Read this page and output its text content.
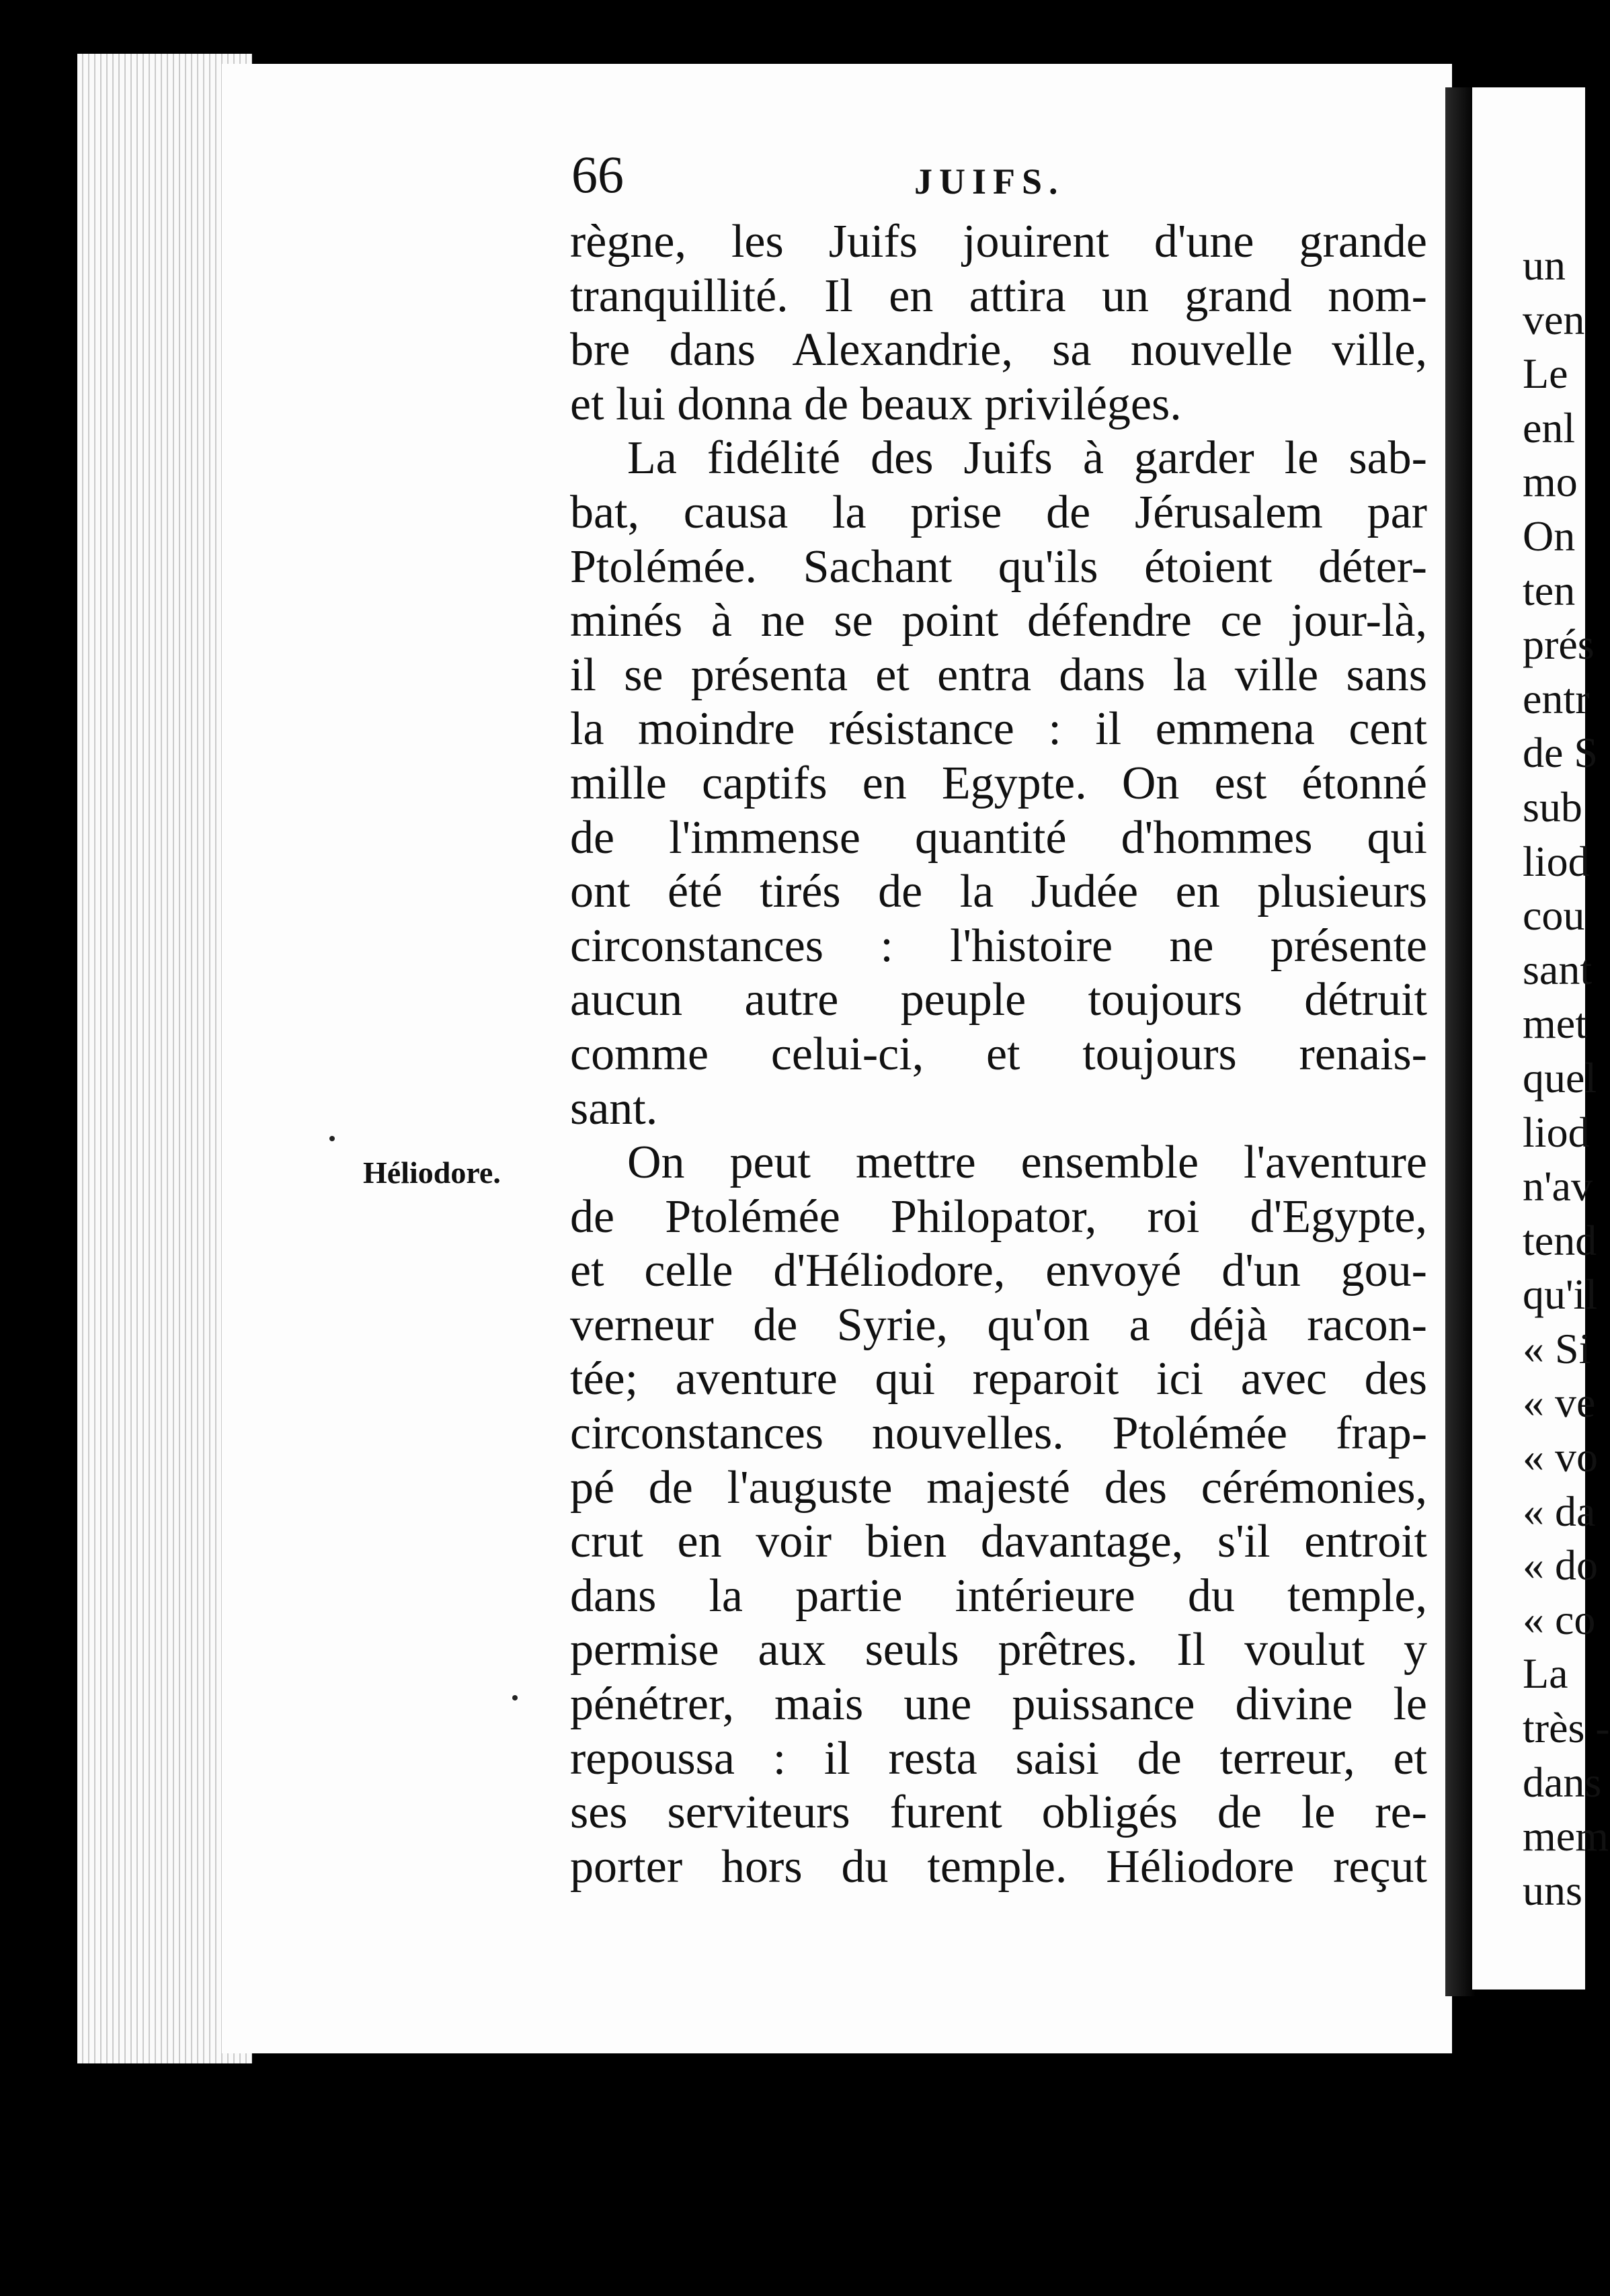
un
ven
Le
enl
mo
On
ten
prés
entr
de S
sub
liod
cou
sant
met
quel
liod
n'av
tend
qu'il
« Si
« ve
« vo
« da
« do
« co
La
très -
dans
mem
uns
66	JUIFS.
Héliodore.
règne, les Juifs jouirent d'une grande
tranquillité. Il en attira un grand nom-
bre dans Alexandrie, sa nouvelle ville,
et lui donna de beaux priviléges.
La fidélité des Juifs à garder le sab-
bat, causa la prise de Jérusalem par
Ptolémée. Sachant qu'ils étoient déter-
minés à ne se point défendre ce jour-là,
il se présenta et entra dans la ville sans
la moindre résistance : il emmena cent
mille captifs en Egypte. On est étonné
de l'immense quantité d'hommes qui
ont été tirés de la Judée en plusieurs
circonstances : l'histoire ne présente
aucun autre peuple toujours détruit
comme celui-ci, et toujours renais-
sant.
On peut mettre ensemble l'aventure
de Ptolémée Philopator, roi d'Egypte,
et celle d'Héliodore, envoyé d'un gou-
verneur de Syrie, qu'on a déjà racon-
tée; aventure qui reparoit ici avec des
circonstances nouvelles. Ptolémée frap-
pé de l'auguste majesté des cérémonies,
crut en voir bien davantage, s'il entroit
dans la partie intérieure du temple,
permise aux seuls prêtres. Il voulut y
pénétrer, mais une puissance divine le
repoussa : il resta saisi de terreur, et
ses serviteurs furent obligés de le re-
porter hors du temple. Héliodore reçut
